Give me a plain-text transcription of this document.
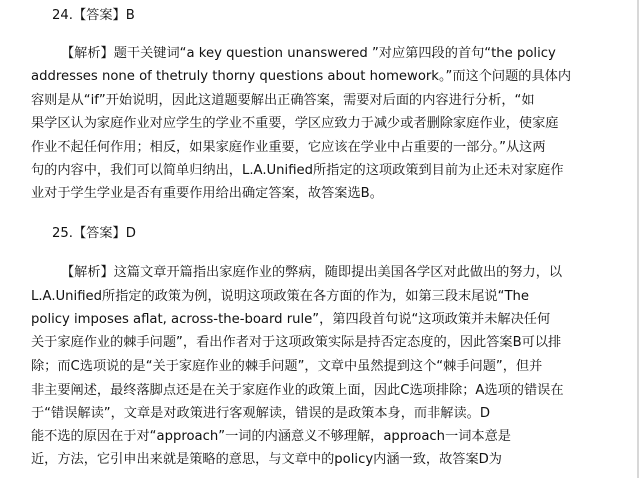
24.【答案】B
【解析】题干关键词“a key question unanswered ”对应第四段的首句“the policy
addresses none of thetruly thorny questions about homework。”而这个问题的具体内
容则是从“if”开始说明，因此这道题要解出正确答案，需要对后面的内容进行分析，“如
果学区认为家庭作业对应学生的学业不重要，学区应致力于减少或者删除家庭作业，使家庭
作业不起任何作用；相反，如果家庭作业重要，它应该在学业中占重要的一部分。”从这两
句的内容中，我们可以简单归纳出，L.A.Unified所指定的这项政策到目前为止还未对家庭作
业对于学生学业是否有重要作用给出确定答案，故答案选B。
25.【答案】D
【解析】这篇文章开篇指出家庭作业的弊病，随即提出美国各学区对此做出的努力，以
L.A.Unified所指定的政策为例，说明这项政策在各方面的作为，如第三段末尾说“The
policy imposes aflat, across-the-board rule”，第四段首句说“这项政策并未解决任何
关于家庭作业的棘手问题”，看出作者对于这项政策实际是持否定态度的，因此答案B可以排
除；而C选项说的是“关于家庭作业的棘手问题”，文章中虽然提到这个“棘手问题”，但并
非主要阐述，最终落脚点还是在关于家庭作业的政策上面，因此C选项排除；A选项的错误在
于“错误解读”，文章是对政策进行客观解读，错误的是政策本身，而非解读。D
能不选的原因在于对“approach”一词的内涵意义不够理解，approach一词本意是
近，方法，它引申出来就是策略的意思，与文章中的policy内涵一致，故答案D为
